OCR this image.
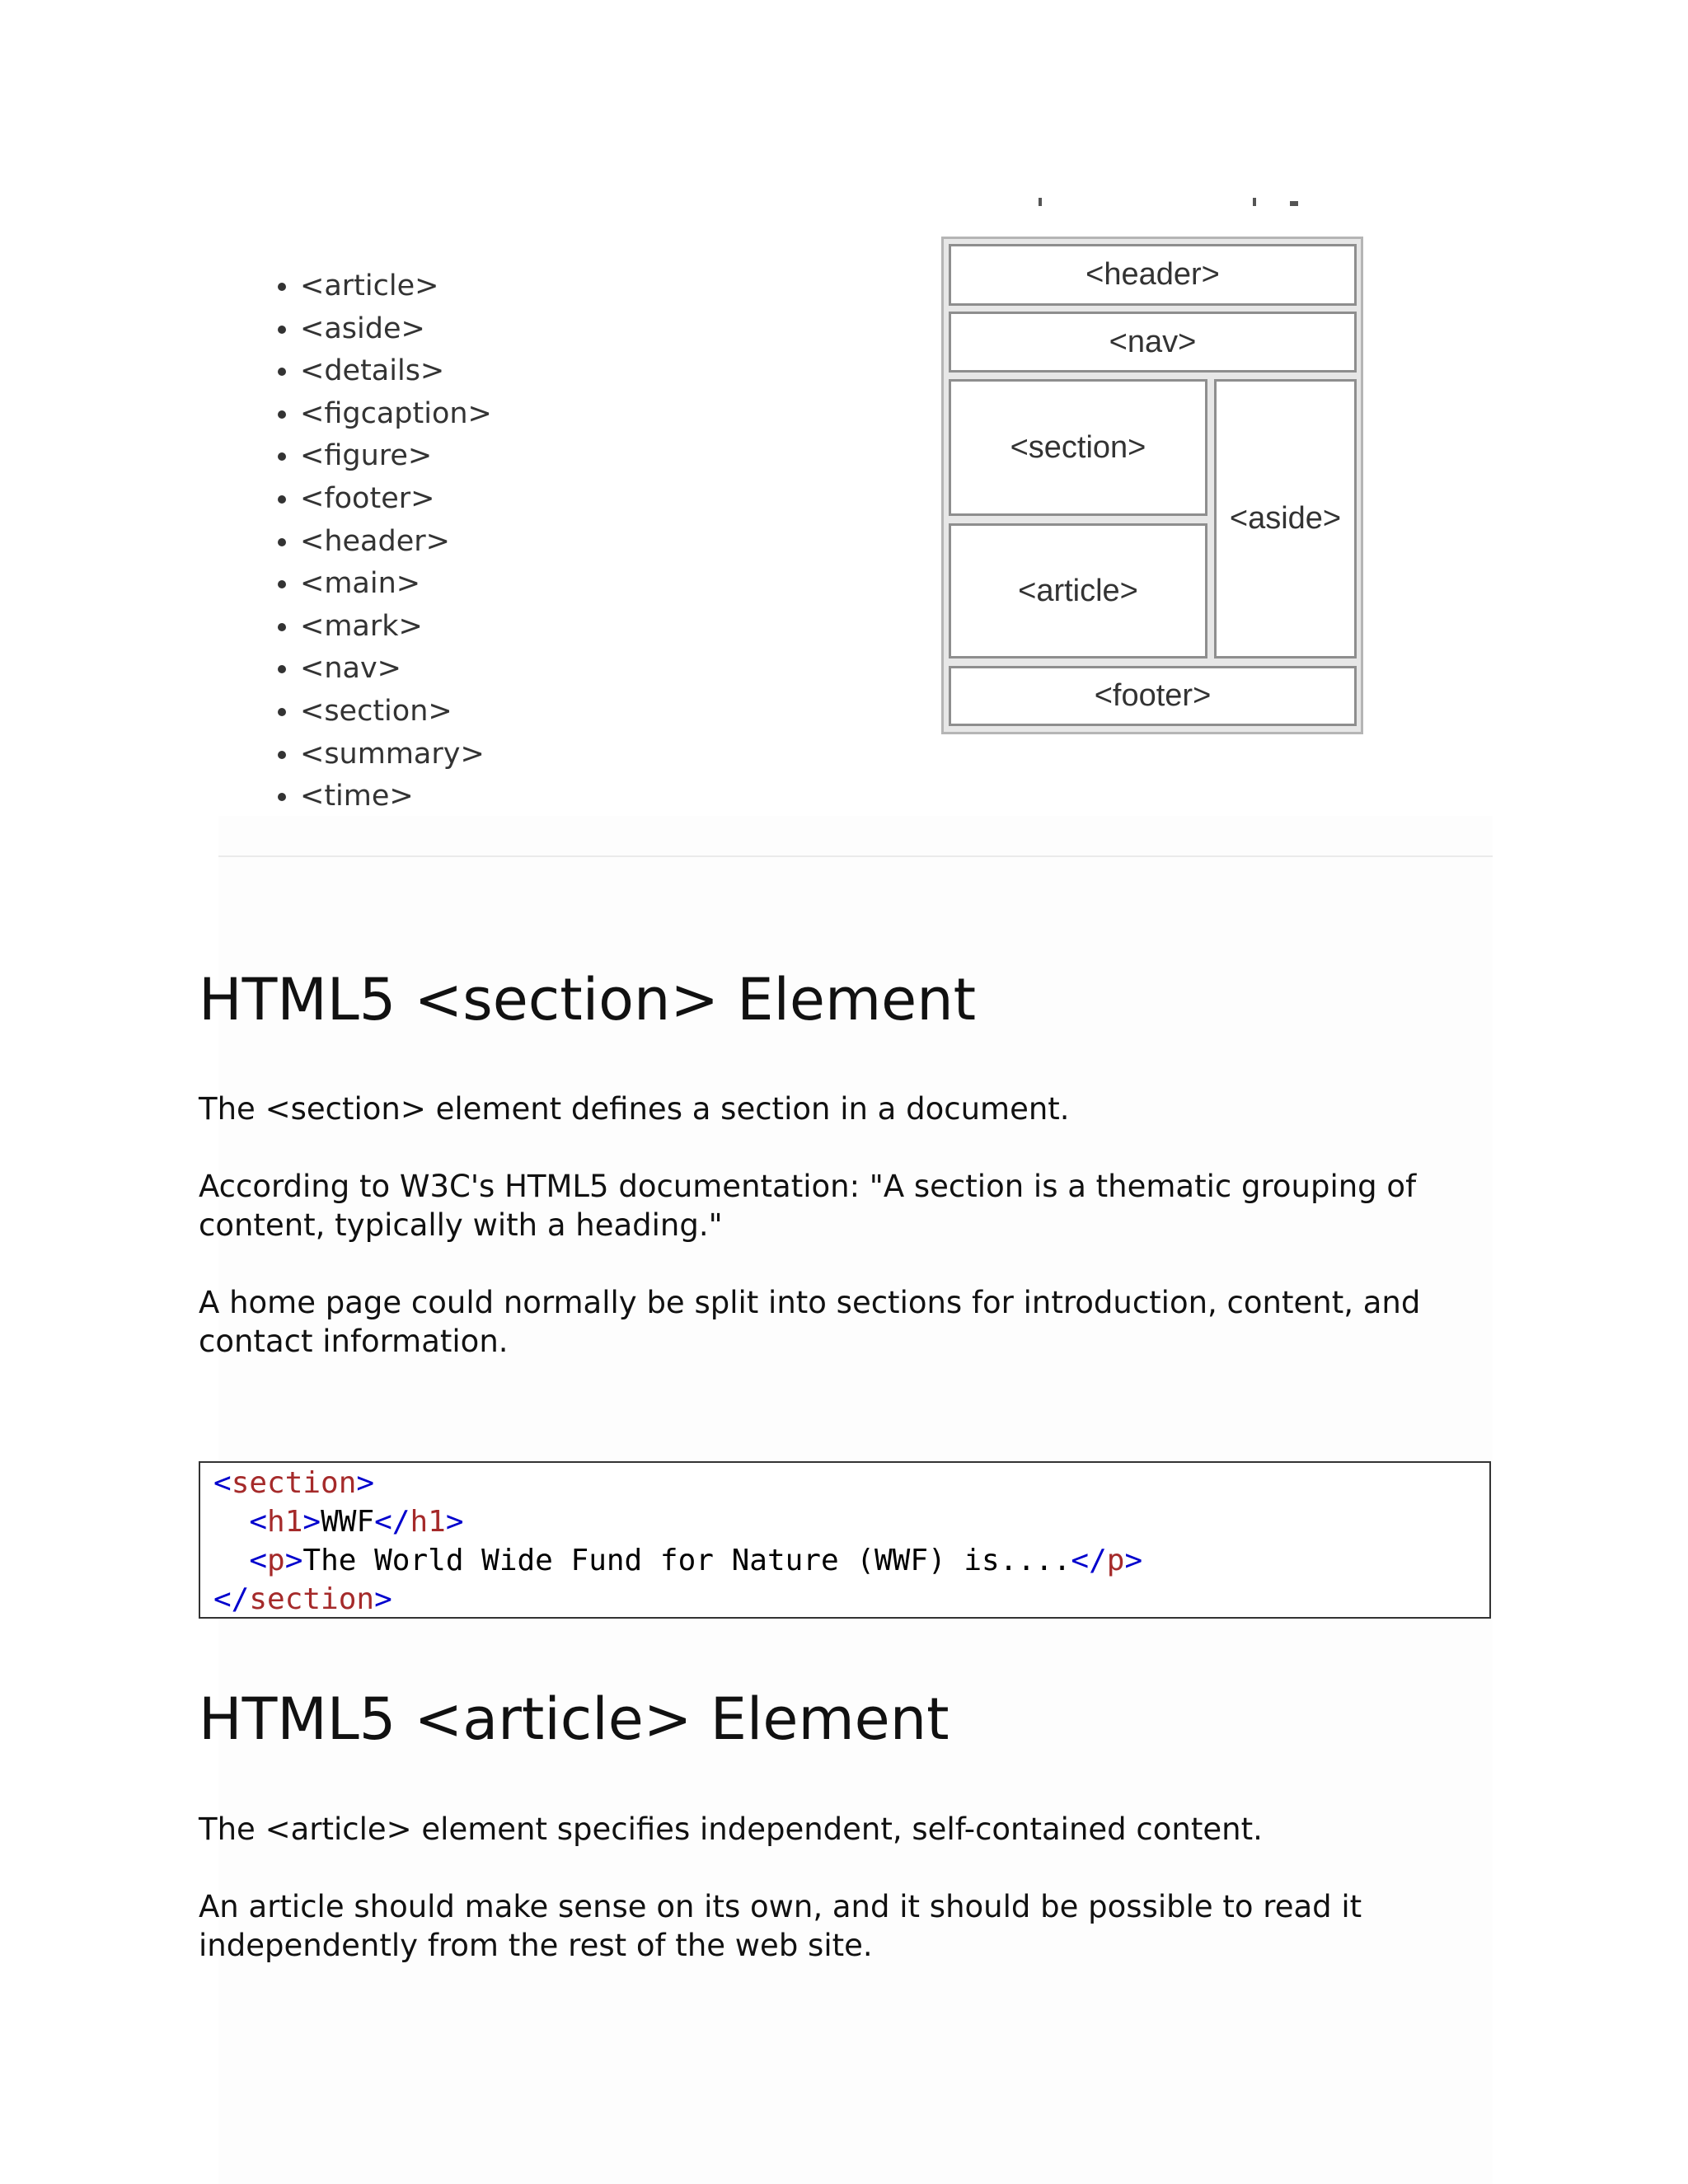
• <article>
• <aside>
• <details>
• <figcaption>
• <figure>
• <footer>
• <header>
• <main>
• <mark>
• <nav>
• <section>
• <summary>
• <time>
<header>
<nav>
<section>
<article>
<aside>
<footer>
HTML5 <section> Element

The <section> element defines a section in a document.

According to W3C's HTML5 documentation: "A section is a thematic grouping of content, typically with a heading."

A home page could normally be split into sections for introduction, content, and contact information.

<section>
<h1>WWF</h1>
<p>The World Wide Fund for Nature (WWF) is....</p>
</section>
HTML5 <article> Element

The <article> element specifies independent, self-contained content.

An article should make sense on its own, and it should be possible to read it independently from the rest of the web site.
